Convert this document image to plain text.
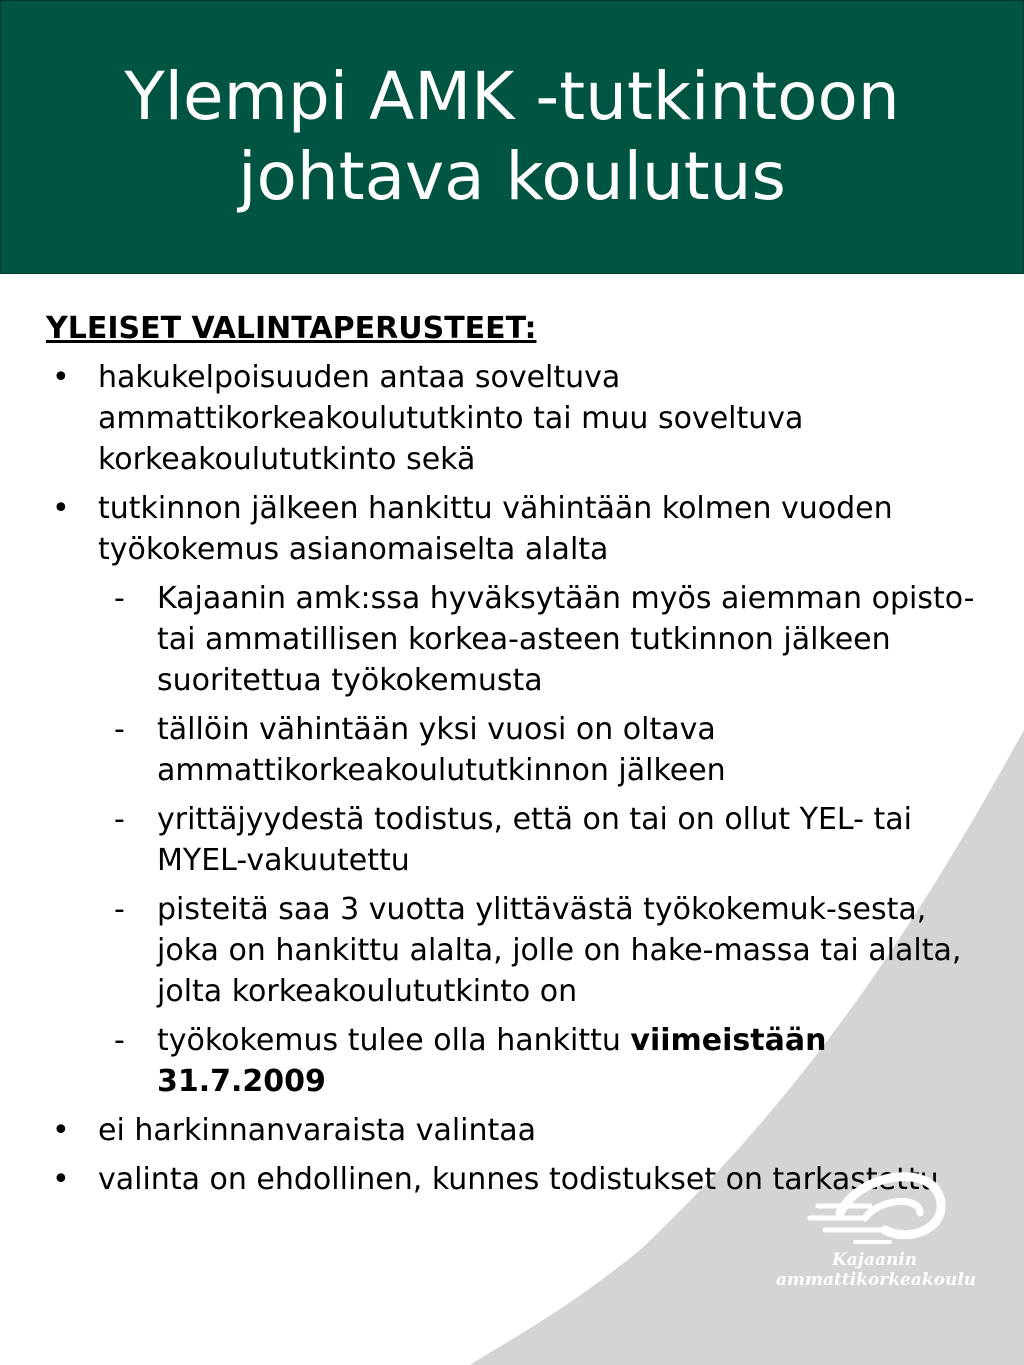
Ylempi AMK -tutkintoon
johtava koulutus
YLEISET VALINTAPERUSTEET:
• hakukelpoisuuden antaa soveltuva ammattikorkeakoulututkinto tai muu soveltuva korkeakoulututkinto sekä
• tutkinnon jälkeen hankittu vähintään kolmen vuoden työkokemus asianomaiselta alalta
-	Kajaanin amk:ssa hyväksytään myös aiemman opisto- tai ammatillisen korkea-asteen tutkinnon jälkeen suoritettua työkokemusta
-	tällöin vähintään yksi vuosi on oltava ammattikorkeakoulututkinnon jälkeen
-	yrittäjyydestä todistus, että on tai on ollut YEL- tai MYEL-vakuutettu
-	pisteitä saa 3 vuotta ylittävästä työkokemuk-sesta, joka on hankittu alalta, jolle on hake-massa tai alalta, jolta korkeakoulututkinto on
-	työkokemus tulee olla hankittu viimeistään 31.7.2009
• ei harkinnanvaraista valintaa
• valinta on ehdollinen, kunnes todistukset on tarkastettu
Kajaanin
ammattikorkeakoulu
